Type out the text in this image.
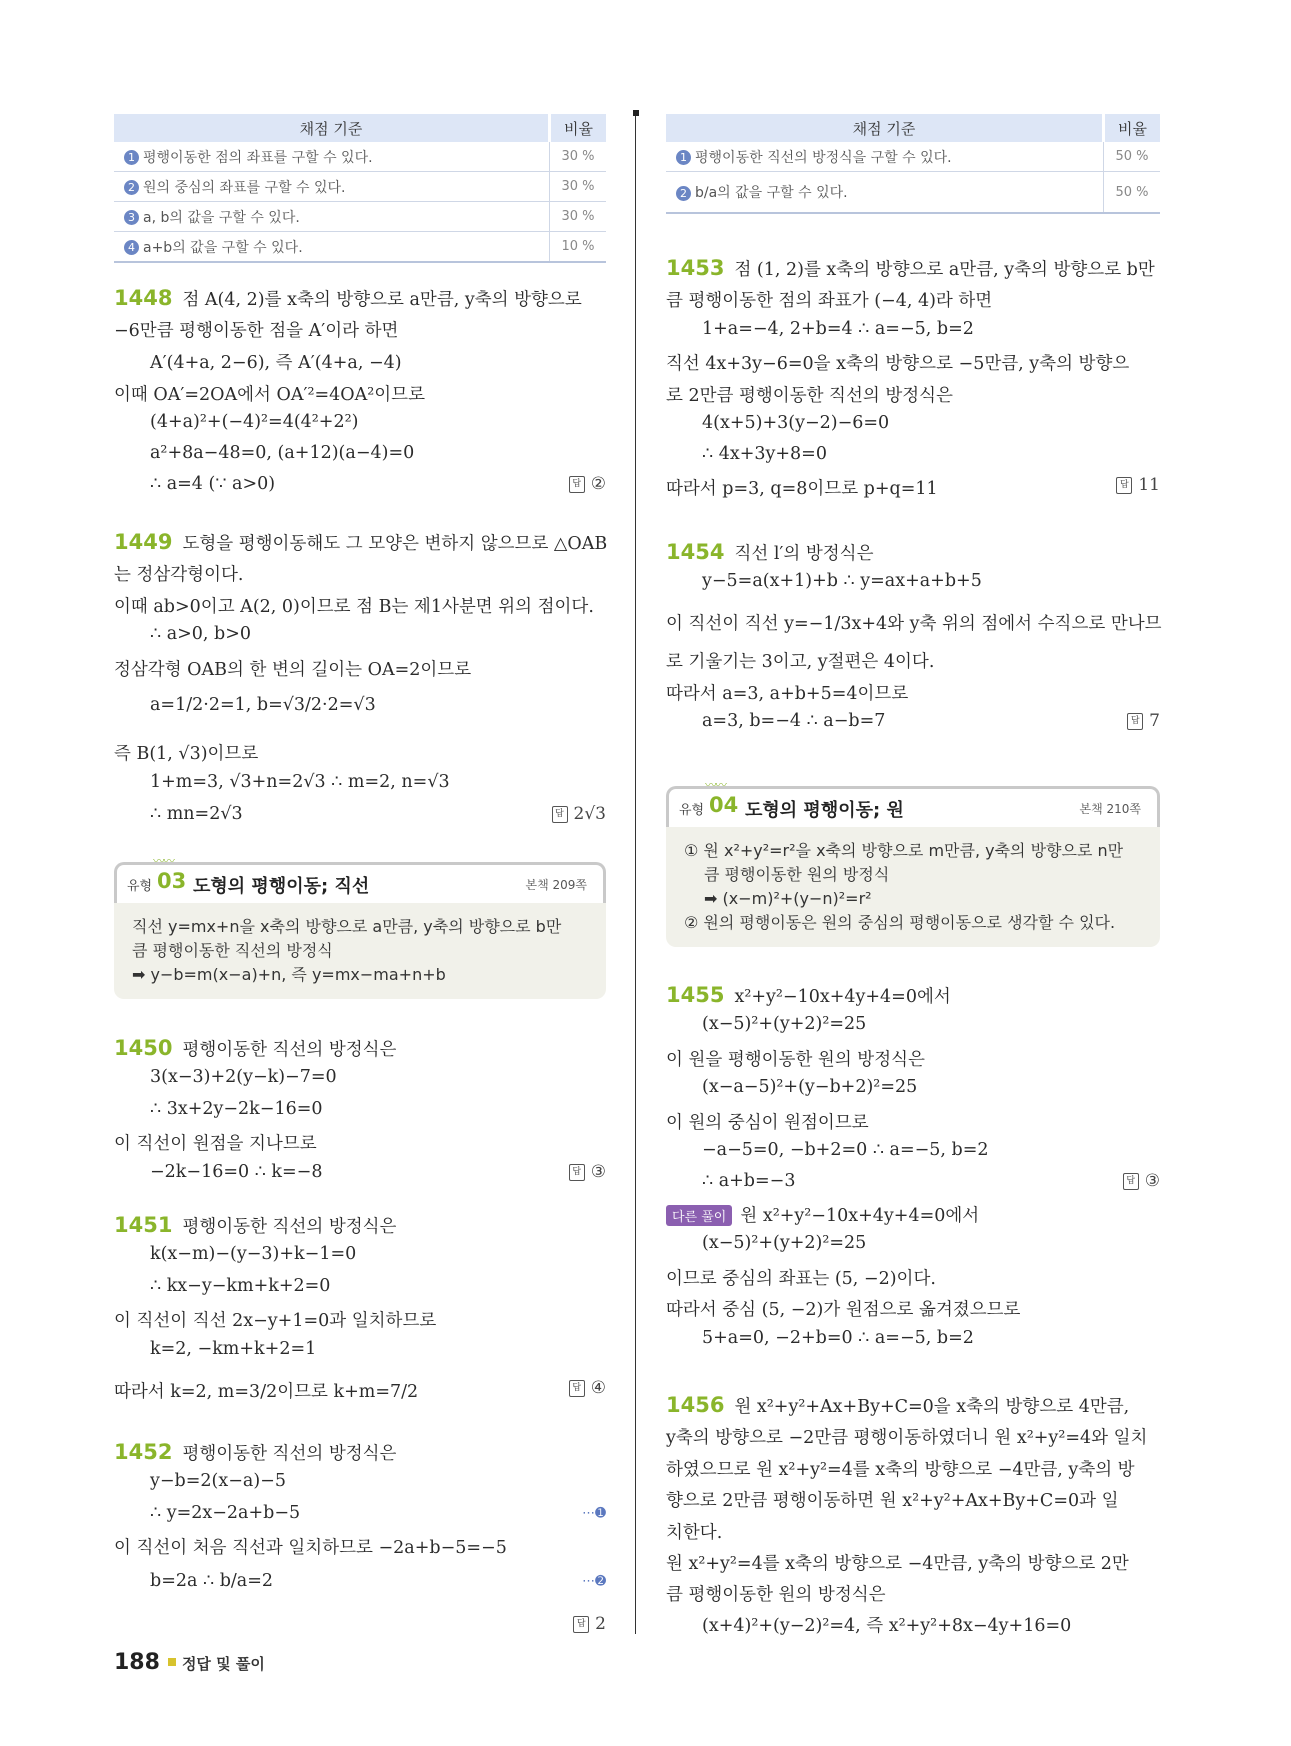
채점 기준	비율
1 평행이동한 점의 좌표를 구할 수 있다.	30 %
2 원의 중심의 좌표를 구할 수 있다.	30 %
3 a, b의 값을 구할 수 있다.	30 %
4 a+b의 값을 구할 수 있다.	10 %
1448 점 A(4, 2)를 x축의 방향으로 a만큼, y축의 방향으로
−6만큼 평행이동한 점을 A′이라 하면
A′(4+a, 2−6), 즉 A′(4+a, −4)
이때 OA′=2OA에서 OA′²=4OA²이므로
(4+a)²+(−4)²=4(4²+2²)
a²+8a−48=0, (a+12)(a−4)=0
∴ a=4 (∵ a>0)	답 ②
1449 도형을 평행이동해도 그 모양은 변하지 않으므로 △OAB
는 정삼각형이다.
이때 ab>0이고 A(2, 0)이므로 점 B는 제1사분면 위의 점이다.
∴ a>0, b>0
정삼각형 OAB의 한 변의 길이는 OA=2이므로
a=1/2·2=1, b=√3/2·2=√3
즉 B(1, √3)이므로
1+m=3, √3+n=2√3 ∴ m=2, n=√3
∴ mn=2√3	답 2√3
〰〰
유형 03 도형의 평행이동; 직선	본책 209쪽
직선 y=mx+n을 x축의 방향으로 a만큼, y축의 방향으로 b만
큼 평행이동한 직선의 방정식
➡ y−b=m(x−a)+n, 즉 y=mx−ma+n+b
1450 평행이동한 직선의 방정식은
3(x−3)+2(y−k)−7=0
∴ 3x+2y−2k−16=0
이 직선이 원점을 지나므로
−2k−16=0 ∴ k=−8	답 ③
1451 평행이동한 직선의 방정식은
k(x−m)−(y−3)+k−1=0
∴ kx−y−km+k+2=0
이 직선이 직선 2x−y+1=0과 일치하므로
k=2, −km+k+2=1
따라서 k=2, m=3/2이므로 k+m=7/2	답 ④
1452 평행이동한 직선의 방정식은
y−b=2(x−a)−5
∴ y=2x−2a+b−5	⋯➊
이 직선이 처음 직선과 일치하므로 −2a+b−5=−5
b=2a ∴ b/a=2	⋯➋
답 2
채점 기준	비율
1 평행이동한 직선의 방정식을 구할 수 있다.	50 %
2 b/a의 값을 구할 수 있다.	50 %
1453 점 (1, 2)를 x축의 방향으로 a만큼, y축의 방향으로 b만
큼 평행이동한 점의 좌표가 (−4, 4)라 하면
1+a=−4, 2+b=4 ∴ a=−5, b=2
직선 4x+3y−6=0을 x축의 방향으로 −5만큼, y축의 방향으
로 2만큼 평행이동한 직선의 방정식은
4(x+5)+3(y−2)−6=0
∴ 4x+3y+8=0
따라서 p=3, q=8이므로 p+q=11	답 11
1454 직선 l′의 방정식은
y−5=a(x+1)+b ∴ y=ax+a+b+5
이 직선이 직선 y=−1/3x+4와 y축 위의 점에서 수직으로 만나므
로 기울기는 3이고, y절편은 4이다.
따라서 a=3, a+b+5=4이므로
a=3, b=−4 ∴ a−b=7	답 7
〰〰
유형 04 도형의 평행이동; 원	본책 210쪽
① 원 x²+y²=r²을 x축의 방향으로 m만큼, y축의 방향으로 n만
큼 평행이동한 원의 방정식
➡ (x−m)²+(y−n)²=r²
② 원의 평행이동은 원의 중심의 평행이동으로 생각할 수 있다.
1455 x²+y²−10x+4y+4=0에서
(x−5)²+(y+2)²=25
이 원을 평행이동한 원의 방정식은
(x−a−5)²+(y−b+2)²=25
이 원의 중심이 원점이므로
−a−5=0, −b+2=0 ∴ a=−5, b=2
∴ a+b=−3	답 ③
다른 풀이 원 x²+y²−10x+4y+4=0에서
(x−5)²+(y+2)²=25
이므로 중심의 좌표는 (5, −2)이다.
따라서 중심 (5, −2)가 원점으로 옮겨졌으므로
5+a=0, −2+b=0 ∴ a=−5, b=2
1456 원 x²+y²+Ax+By+C=0을 x축의 방향으로 4만큼,
y축의 방향으로 −2만큼 평행이동하였더니 원 x²+y²=4와 일치
하였으므로 원 x²+y²=4를 x축의 방향으로 −4만큼, y축의 방
향으로 2만큼 평행이동하면 원 x²+y²+Ax+By+C=0과 일
치한다.
원 x²+y²=4를 x축의 방향으로 −4만큼, y축의 방향으로 2만
큼 평행이동한 원의 방정식은
(x+4)²+(y−2)²=4, 즉 x²+y²+8x−4y+16=0
188 정답 및 풀이
